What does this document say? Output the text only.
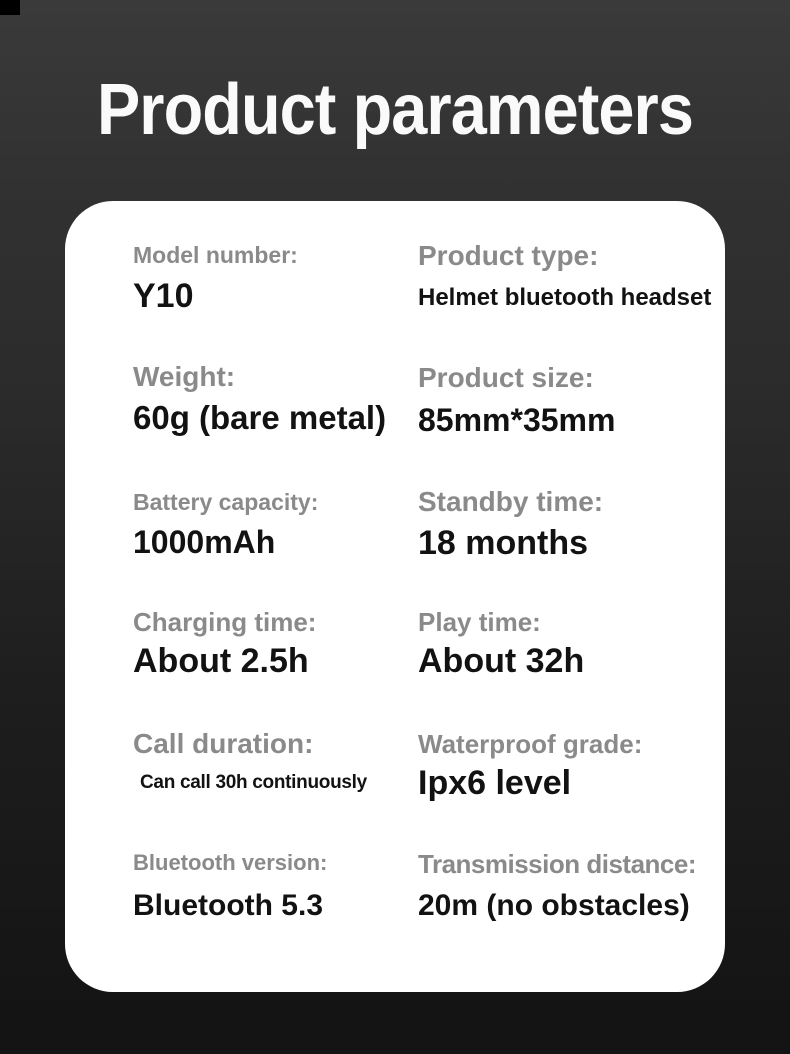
Product parameters

Model number:

Y10

Product type:

Helmet bluetooth headset

Weight:

60g (bare metal)

Product size:

85mm*35mm

Battery capacity:

1000mAh

Standby time:

18 months

Charging time:

About 2.5h

Play time:

About 32h

Call duration:

Can call 30h continuously

Waterproof grade:

Ipx6 level

Bluetooth version:

Bluetooth 5.3

Transmission distance:

20m (no obstacles)
